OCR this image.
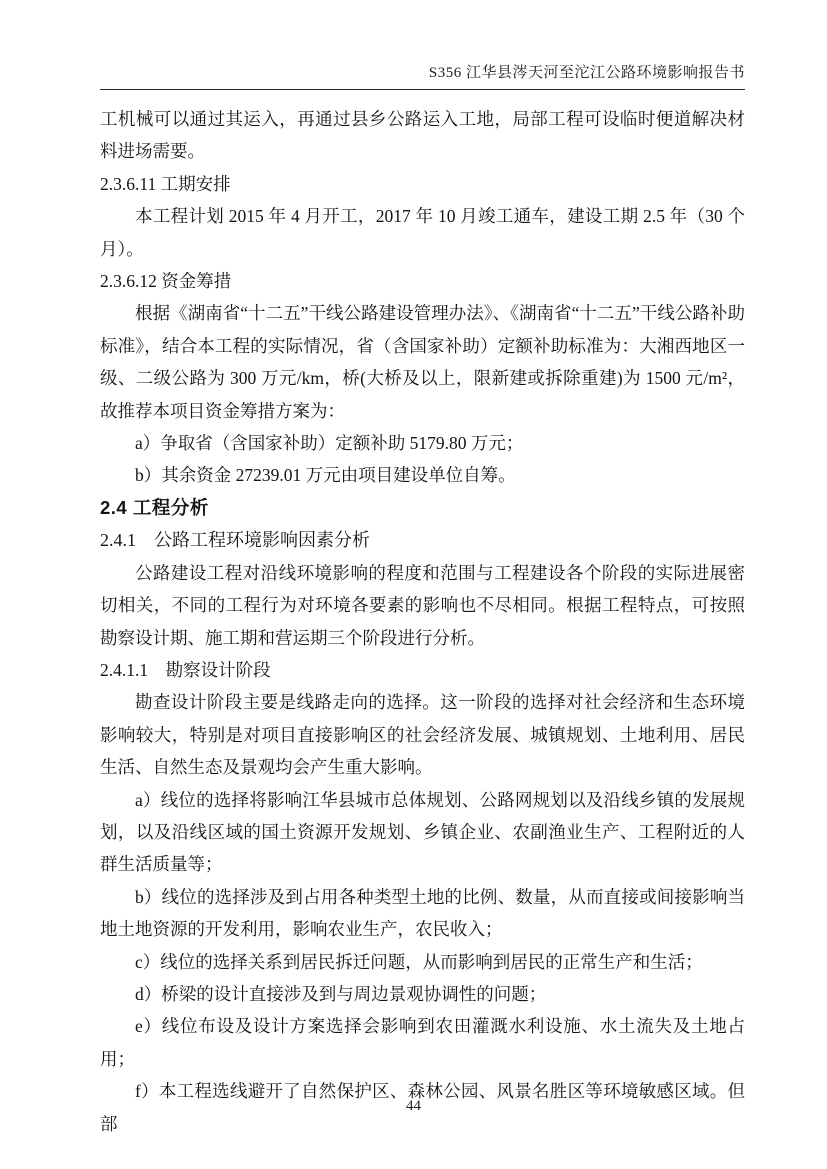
S356 江华县涔天河至沱江公路环境影响报告书

工机械可以通过其运入，再通过县乡公路运入工地，局部工程可设临时便道解决材料进场需要。

2.3.6.11 工期安排

本工程计划 2015 年 4 月开工，2017 年 10 月竣工通车，建设工期 2.5 年（30 个月）。

2.3.6.12 资金筹措

根据《湖南省“十二五”干线公路建设管理办法》、《湖南省“十二五”干线公路补助标准》，结合本工程的实际情况，省（含国家补助）定额补助标准为：大湘西地区一级、二级公路为 300 万元/km，桥(大桥及以上，限新建或拆除重建)为 1500 元/m²，故推荐本项目资金筹措方案为：

a）争取省（含国家补助）定额补助 5179.80 万元；

b）其余资金 27239.01 万元由项目建设单位自筹。

2.4 工程分析
2.4.1　公路工程环境影响因素分析

公路建设工程对沿线环境影响的程度和范围与工程建设各个阶段的实际进展密切相关，不同的工程行为对环境各要素的影响也不尽相同。根据工程特点，可按照勘察设计期、施工期和营运期三个阶段进行分析。

2.4.1.1　勘察设计阶段

勘查设计阶段主要是线路走向的选择。这一阶段的选择对社会经济和生态环境影响较大，特别是对项目直接影响区的社会经济发展、城镇规划、土地利用、居民生活、自然生态及景观均会产生重大影响。

a）线位的选择将影响江华县城市总体规划、公路网规划以及沿线乡镇的发展规划，以及沿线区域的国土资源开发规划、乡镇企业、农副渔业生产、工程附近的人群生活质量等；

b）线位的选择涉及到占用各种类型土地的比例、数量，从而直接或间接影响当地土地资源的开发利用，影响农业生产，农民收入；

c）线位的选择关系到居民拆迁问题，从而影响到居民的正常生产和生活；

d）桥梁的设计直接涉及到与周边景观协调性的问题；

e）线位布设及设计方案选择会影响到农田灌溉水利设施、水土流失及土地占用；

f）本工程选线避开了自然保护区、森林公园、风景名胜区等环境敏感区域。但部

44
